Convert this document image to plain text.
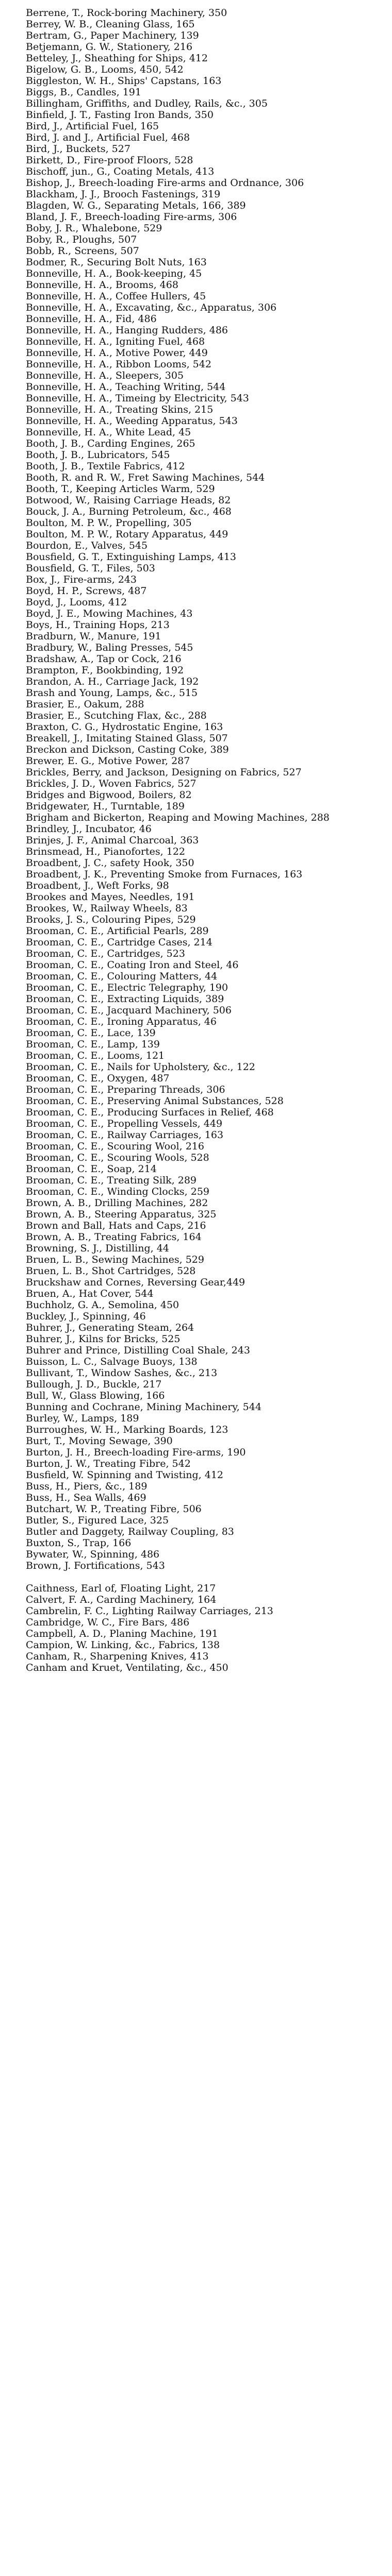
Berrene, T., Rock-boring Machinery, 350
Berrey, W. B., Cleaning Glass, 165
Bertram, G., Paper Machinery, 139
Betjemann, G. W., Stationery, 216
Betteley, J., Sheathing for Ships, 412
Bigelow, G. B., Looms, 450, 542
Biggleston, W. H., Ships' Capstans, 163
Biggs, B., Candles, 191
Billingham, Griffiths, and Dudley, Rails, &c., 305
Binfield, J. T., Fasting Iron Bands, 350
Bird, J., Artificial Fuel, 165
Bird, J. and J., Artificial Fuel, 468
Bird, J., Buckets, 527
Birkett, D., Fire-proof Floors, 528
Bischoff, jun., G., Coating Metals, 413
Bishop, J., Breech-loading Fire-arms and Ordnance, 306
Blackham, J. J., Brooch Fastenings, 319
Blagden, W. G., Separating Metals, 166, 389
Bland, J. F., Breech-loading Fire-arms, 306
Boby, J. R., Whalebone, 529
Boby, R., Ploughs, 507
Bobb, R., Screens, 507
Bodmer, R., Securing Bolt Nuts, 163
Bonneville, H. A., Book-keeping, 45
Bonneville, H. A., Brooms, 468
Bonneville, H. A., Coffee Hullers, 45
Bonneville, H. A., Excavating, &c., Apparatus, 306
Bonneville, H. A., Fid, 486
Bonneville, H. A., Hanging Rudders, 486
Bonneville, H. A., Igniting Fuel, 468
Bonneville, H. A., Motive Power, 449
Bonneville, H. A., Ribbon Looms, 542
Bonneville, H. A., Sleepers, 305
Bonneville, H. A., Teaching Writing, 544
Bonneville, H. A., Timeing by Electricity, 543
Bonneville, H. A., Treating Skins, 215
Bonneville, H. A., Weeding Apparatus, 543
Bonneville, H. A., White Lead, 45
Booth, J. B., Carding Engines, 265
Booth, J. B., Lubricators, 545
Booth, J. B., Textile Fabrics, 412
Booth, R. and R. W., Fret Sawing Machines, 544
Booth, T., Keeping Articles Warm, 529
Botwood, W., Raising Carriage Heads, 82
Bouck, J. A., Burning Petroleum, &c., 468
Boulton, M. P. W., Propelling, 305
Boulton, M. P. W., Rotary Apparatus, 449
Bourdon, E., Valves, 545
Bousfield, G. T., Extinguishing Lamps, 413
Bousfield, G. T., Files, 503
Box, J., Fire-arms, 243
Boyd, H. P., Screws, 487
Boyd, J., Looms, 412
Boyd, J. E., Mowing Machines, 43
Boys, H., Training Hops, 213
Bradburn, W., Manure, 191
Bradbury, W., Baling Presses, 545
Bradshaw, A., Tap or Cock, 216
Brampton, F., Bookbinding, 192
Brandon, A. H., Carriage Jack, 192
Brash and Young, Lamps, &c., 515
Brasier, E., Oakum, 288
Brasier, E., Scutching Flax, &c., 288
Braxton, C. G., Hydrostatic Engine, 163
Breakell, J., Imitating Stained Glass, 507
Breckon and Dickson, Casting Coke, 389
Brewer, E. G., Motive Power, 287
Brickles, Berry, and Jackson, Designing on Fabrics, 527
Brickles, J. D., Woven Fabrics, 527
Bridges and Bigwood, Boilers, 82
Bridgewater, H., Turntable, 189
Brigham and Bickerton, Reaping and Mowing Machines, 288
Brindley, J., Incubator, 46
Brinjes, J. F., Animal Charcoal, 363
Brinsmead, H., Pianofortes, 122
Broadbent, J. C., safety Hook, 350
Broadbent, J. K., Preventing Smoke from Furnaces, 163
Broadbent, J., Weft Forks, 98
Brookes and Mayes, Needles, 191
Brookes, W., Railway Wheels, 83
Brooks, J. S., Colouring Pipes, 529
Brooman, C. E., Artificial Pearls, 289
Brooman, C. E., Cartridge Cases, 214
Brooman, C. E., Cartridges, 523
Brooman, C. E., Coating Iron and Steel, 46
Brooman, C. E., Colouring Matters, 44
Brooman, C. E., Electric Telegraphy, 190
Brooman, C. E., Extracting Liquids, 389
Brooman, C. E., Jacquard Machinery, 506
Brooman, C. E., Ironing Apparatus, 46
Brooman, C. E., Lace, 139
Brooman, C. E., Lamp, 139
Brooman, C. E., Looms, 121
Brooman, C. E., Nails for Upholstery, &c., 122
Brooman, C. E., Oxygen, 487
Brooman, C. E., Preparing Threads, 306
Brooman, C. E., Preserving Animal Substances, 528
Brooman, C. E., Producing Surfaces in Relief, 468
Brooman, C. E., Propelling Vessels, 449
Brooman, C. E., Railway Carriages, 163
Brooman, C. E., Scouring Wool, 216
Brooman, C. E., Scouring Wools, 528
Brooman, C. E., Soap, 214
Brooman, C. E., Treating Silk, 289
Brooman, C. E., Winding Clocks, 259
Brown, A. B., Drilling Machines, 282
Brown, A. B., Steering Apparatus, 325
Brown and Ball, Hats and Caps, 216
Brown, A. B., Treating Fabrics, 164
Browning, S. J., Distilling, 44
Bruen, L. B., Sewing Machines, 529
Bruen, L. B., Shot Cartridges, 528
Bruckshaw and Cornes, Reversing Gear,449
Bruen, A., Hat Cover, 544
Buchholz, G. A., Semolina, 450
Buckley, J., Spinning, 46
Buhrer, J., Generating Steam, 264
Buhrer, J., Kilns for Bricks, 525
Buhrer and Prince, Distilling Coal Shale, 243
Buisson, L. C., Salvage Buoys, 138
Bullivant, T., Window Sashes, &c., 213
Bullough, J. D., Buckle, 217
Bull, W., Glass Blowing, 166
Bunning and Cochrane, Mining Machinery, 544
Burley, W., Lamps, 189
Burroughes, W. H., Marking Boards, 123
Burt, T., Moving Sewage, 390
Burton, J. H., Breech-loading Fire-arms, 190
Burton, J. W., Treating Fibre, 542
Busfield, W. Spinning and Twisting, 412
Buss, H., Piers, &c., 189
Buss, H., Sea Walls, 469
Butchart, W. P., Treating Fibre, 506
Butler, S., Figured Lace, 325
Butler and Daggety, Railway Coupling, 83
Buxton, S., Trap, 166
Bywater, W., Spinning, 486
Brown, J. Fortifications, 543
Caithness, Earl of, Floating Light, 217
Calvert, F. A., Carding Machinery, 164
Cambrelin, F. C., Lighting Railway Carriages, 213
Cambridge, W. C., Fire Bars, 486
Campbell, A. D., Planing Machine, 191
Campion, W. Linking, &c., Fabrics, 138
Canham, R., Sharpening Knives, 413
Canham and Kruet, Ventilating, &c., 450
